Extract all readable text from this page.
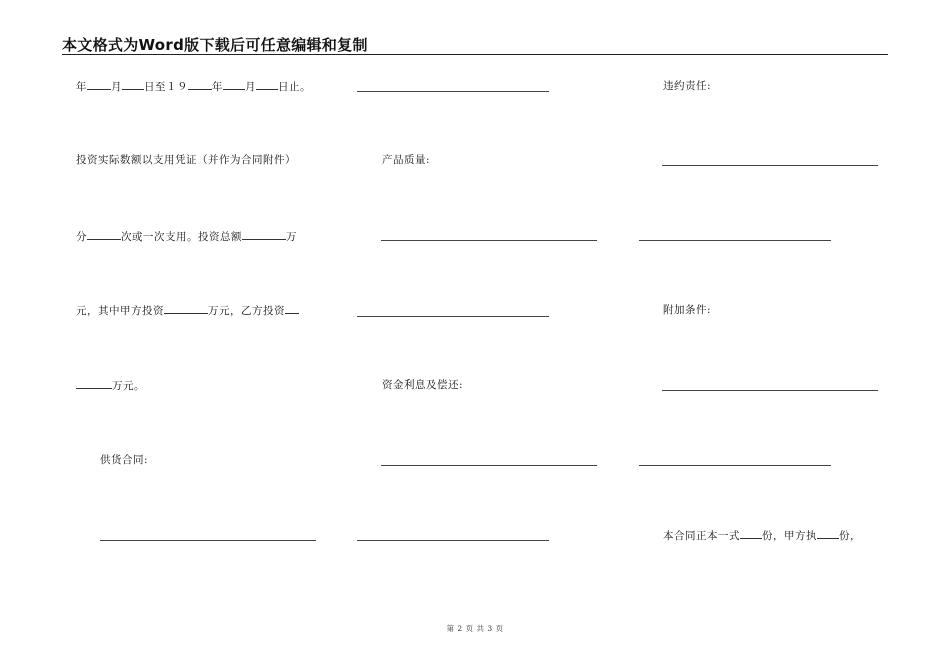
本文格式为Word版下载后可任意编辑和复制
年 月 日至１９ 年 月 日止。
投资实际数额以支用凭证（并作为合同附件）
分	次或一次支用。投资总额	万
元，其中甲方投资	万元，乙方投资
万元。
供货合同:
产品质量:
资金利息及偿还:
违约责任:
附加条件:
本合同正本一式 份，甲方执 份，
第 2 页 共 3 页
